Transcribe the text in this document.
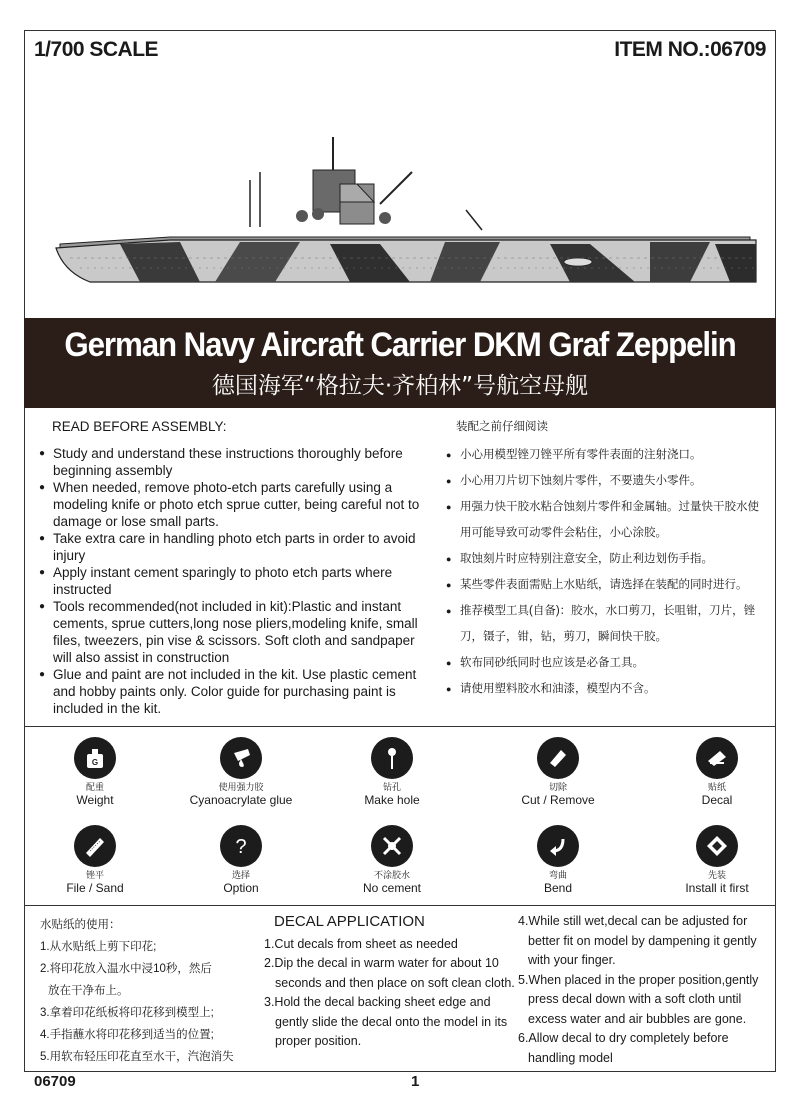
1/700 SCALE	ITEM NO.:06709
German Navy Aircraft Carrier DKM Graf Zeppelin
德国海军“格拉夫·齐柏林”号航空母舰
READ BEFORE ASSEMBLY:
● Study and understand these instructions thoroughly before beginning assembly
● When needed, remove photo-etch parts carefully using a modeling knife or photo etch sprue cutter, being careful not to damage or lose small parts.
● Take extra care in handling photo etch parts in order to avoid injury
● Apply instant cement sparingly to photo etch parts where instructed
● Tools recommended(not included in kit):Plastic and instant cements, sprue cutters,long nose pliers,modeling knife, small files, tweezers, pin vise & scissors. Soft cloth and sandpaper will also assist in construction
● Glue and paint are not included in the kit. Use plastic cement and hobby paints only. Color guide for purchasing paint is included in the kit.
装配之前仔细阅读
● 小心用模型锉刀锉平所有零件表面的注射浇口。
● 小心用刀片切下蚀刻片零件，不要遗失小零件。
● 用强力快干胶水粘合蚀刻片零件和金属轴。过量快干胶水使用可能导致可动零件会粘住，小心涂胶。
● 取蚀刻片时应特别注意安全，防止利边划伤手指。
● 某些零件表面需贴上水贴纸，请选择在装配的同时进行。
● 推荐模型工具(自备)：胶水，水口剪刀，长咀钳，刀片，锉刀，镊子，钳，钻，剪刀，瞬间快干胶。
● 软布同砂纸同时也应该是必备工具。
● 请使用塑料胶水和油漆，模型内不含。
G
配重
Weight
使用强力胶
Cyanoacrylate glue
钻孔
Make hole
切除
Cut / Remove
贴纸
Decal
锉平
File / Sand
?
选择
Option
不涂胶水
No cement
弯曲
Bend
先装
Install it first
水贴纸的使用：
1.从水贴纸上剪下印花;
2.将印花放入温水中浸10秒，然后
放在干净布上。
3.拿着印花纸板将印花移到模型上;
4.手指蘸水将印花移到适当的位置;
5.用软布轻压印花直至水干，汽泡消失
DECAL APPLICATION
1.Cut decals from sheet as needed
2.Dip the decal in warm water for about 10 seconds and then place on soft clean cloth.
3.Hold the decal backing sheet edge and gently slide the decal onto the model in its proper position.
4.While still wet,decal can be adjusted for better fit on model by dampening it gently with your finger.
5.When placed in the proper position,gently press decal down with a soft cloth until excess water and air bubbles are gone.
6.Allow decal to dry completely before handling model
06709	1
